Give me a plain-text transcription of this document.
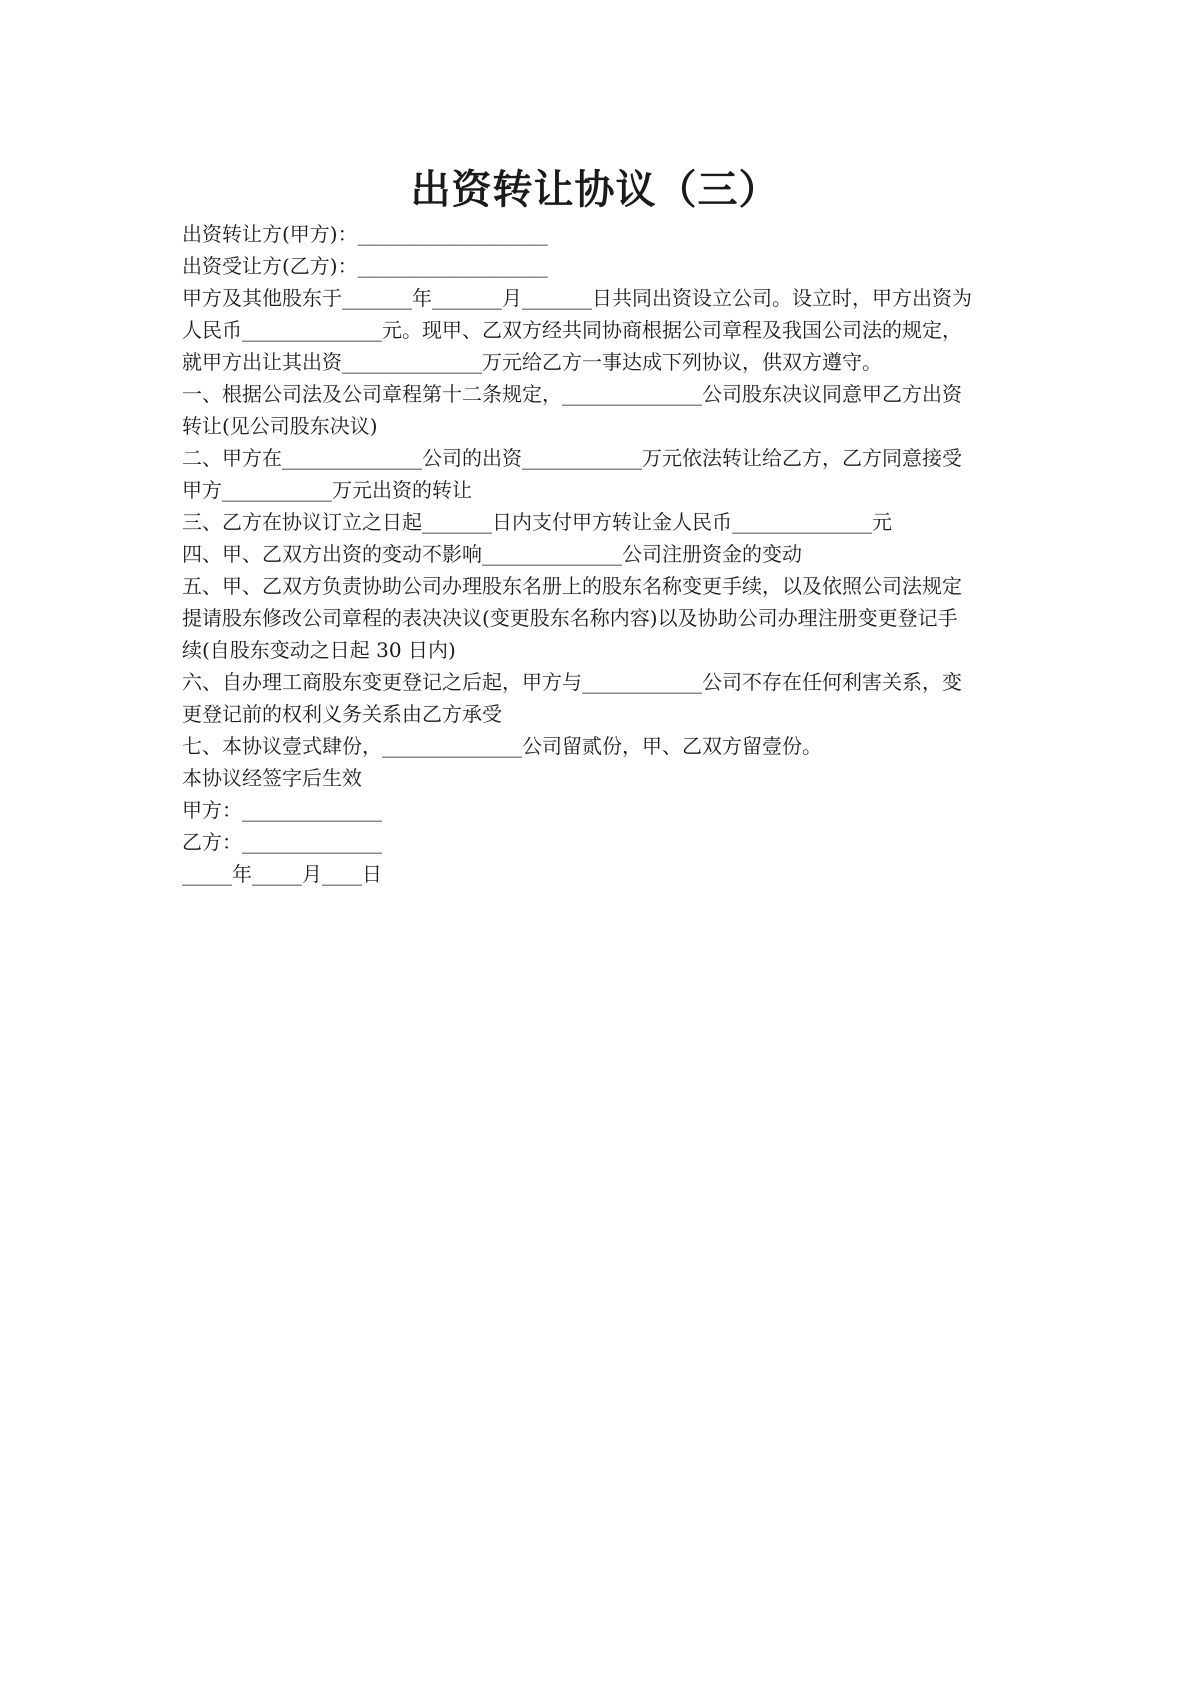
出资转让协议（三）
出资转让方(甲方)：___________________
出资受让方(乙方)：___________________
甲方及其他股东于_______年_______月_______日共同出资设立公司。设立时，甲方出资为
人民币______________元。现甲、乙双方经共同协商根据公司章程及我国公司法的规定，
就甲方出让其出资______________万元给乙方一事达成下列协议，供双方遵守。
一、根据公司法及公司章程第十二条规定，______________公司股东决议同意甲乙方出资
转让(见公司股东决议)
二、甲方在______________公司的出资____________万元依法转让给乙方，乙方同意接受
甲方___________万元出资的转让
三、乙方在协议订立之日起_______日内支付甲方转让金人民币______________元
四、甲、乙双方出资的变动不影响______________公司注册资金的变动
五、甲、乙双方负责协助公司办理股东名册上的股东名称变更手续，以及依照公司法规定
提请股东修改公司章程的表决决议(变更股东名称内容)以及协助公司办理注册变更登记手
续(自股东变动之日起 30 日内)
六、自办理工商股东变更登记之后起，甲方与____________公司不存在任何利害关系，变
更登记前的权利义务关系由乙方承受
七、本协议壹式肆份，______________公司留贰份，甲、乙双方留壹份。
本协议经签字后生效
甲方：______________
乙方：______________
_____年_____月____日
